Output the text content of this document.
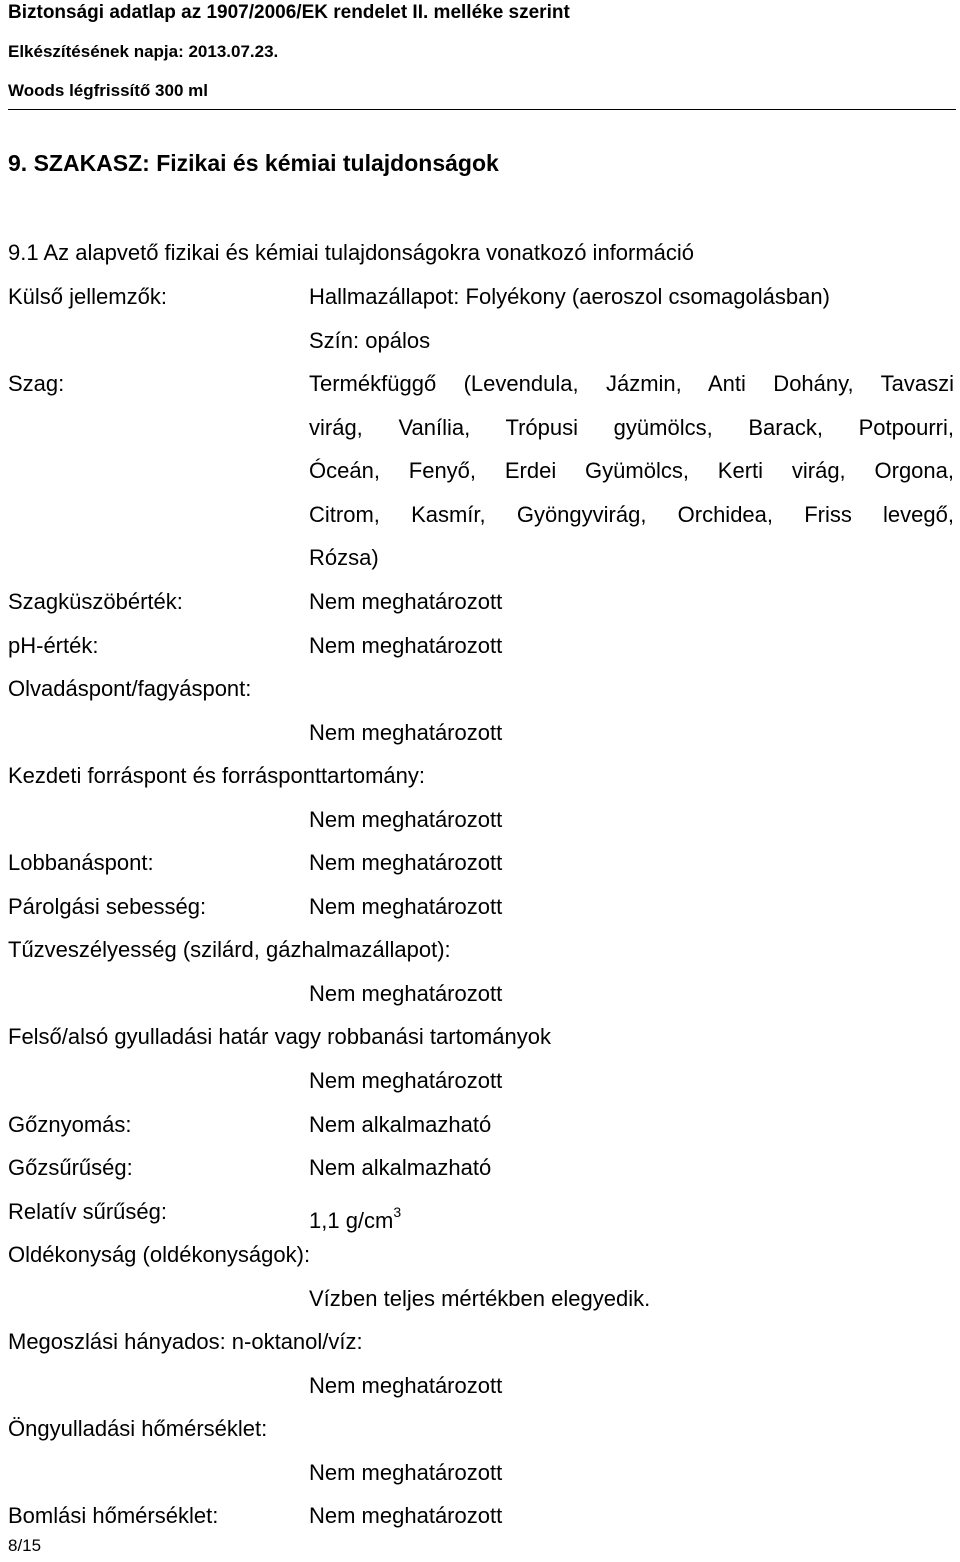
Biztonsági adatlap az 1907/2006/EK rendelet II. melléke szerint
Elkészítésének napja: 2013.07.23.
Woods légfrissítő 300 ml
9. SZAKASZ: Fizikai és kémiai tulajdonságok
9.1 Az alapvető fizikai és kémiai tulajdonságokra vonatkozó információ
Külső jellemzők:	Hallmazállapot: Folyékony (aeroszol csomagolásban)
Szín: opálos
Szag:	Termékfüggő (Levendula, Jázmin, Anti Dohány, Tavaszi
virág, Vanília, Trópusi gyümölcs, Barack, Potpourri,
Óceán, Fenyő, Erdei Gyümölcs, Kerti virág, Orgona,
Citrom, Kasmír, Gyöngyvirág, Orchidea, Friss levegő,
Rózsa)
Szagküszöbérték:	Nem meghatározott
pH-érték:	Nem meghatározott
Olvadáspont/fagyáspont:
Nem meghatározott
Kezdeti forráspont és forrásponttartomány:
Nem meghatározott
Lobbanáspont:	Nem meghatározott
Párolgási sebesség:	Nem meghatározott
Tűzveszélyesség (szilárd, gázhalmazállapot):
Nem meghatározott
Felső/alsó gyulladási határ vagy robbanási tartományok
Nem meghatározott
Gőznyomás:	Nem alkalmazható
Gőzsűrűség:	Nem alkalmazható
Relatív sűrűség:	1,1 $g/cm^3$
Oldékonyság (oldékonyságok):
Vízben teljes mértékben elegyedik.
Megoszlási hányados: n-oktanol/víz:
Nem meghatározott
Öngyulladási hőmérséklet:
Nem meghatározott
Bomlási hőmérséklet:	Nem meghatározott
8/15
